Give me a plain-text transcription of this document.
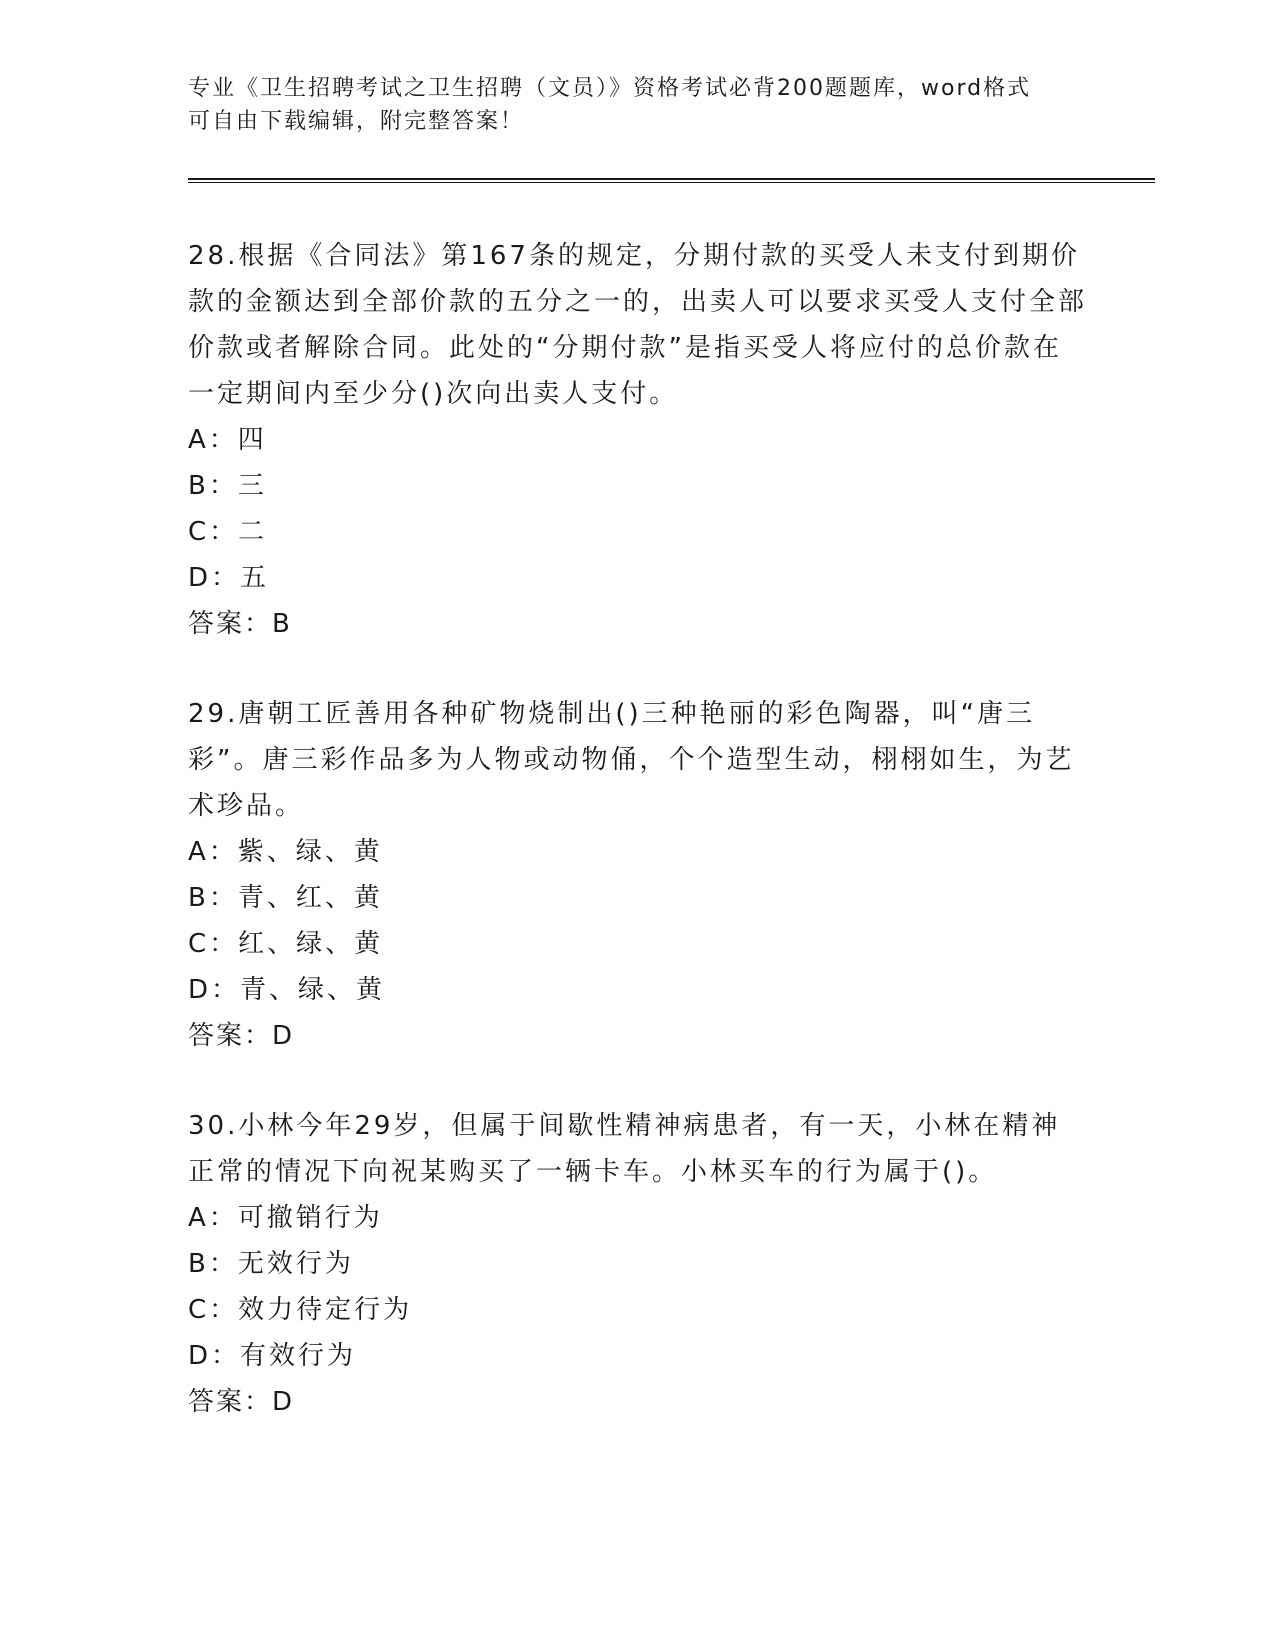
专业《卫生招聘考试之卫生招聘（文员）》资格考试必背200题题库，word格式
可自由下载编辑，附完整答案！

28.根据《合同法》第167条的规定，分期付款的买受人未支付到期价款的金额达到全部价款的五分之一的，出卖人可以要求买受人支付全部价款或者解除合同。此处的“分期付款”是指买受人将应付的总价款在一定期间内至少分()次向出卖人支付。

A：四

B：三

C：二

D：五

答案：B

29.唐朝工匠善用各种矿物烧制出()三种艳丽的彩色陶器，叫“唐三彩”。唐三彩作品多为人物或动物俑，个个造型生动，栩栩如生，为艺术珍品。

A：紫、绿、黄

B：青、红、黄

C：红、绿、黄

D：青、绿、黄

答案：D

30.小林今年29岁，但属于间歇性精神病患者，有一天，小林在精神正常的情况下向祝某购买了一辆卡车。小林买车的行为属于()。

A：可撤销行为

B：无效行为

C：效力待定行为

D：有效行为

答案：D
